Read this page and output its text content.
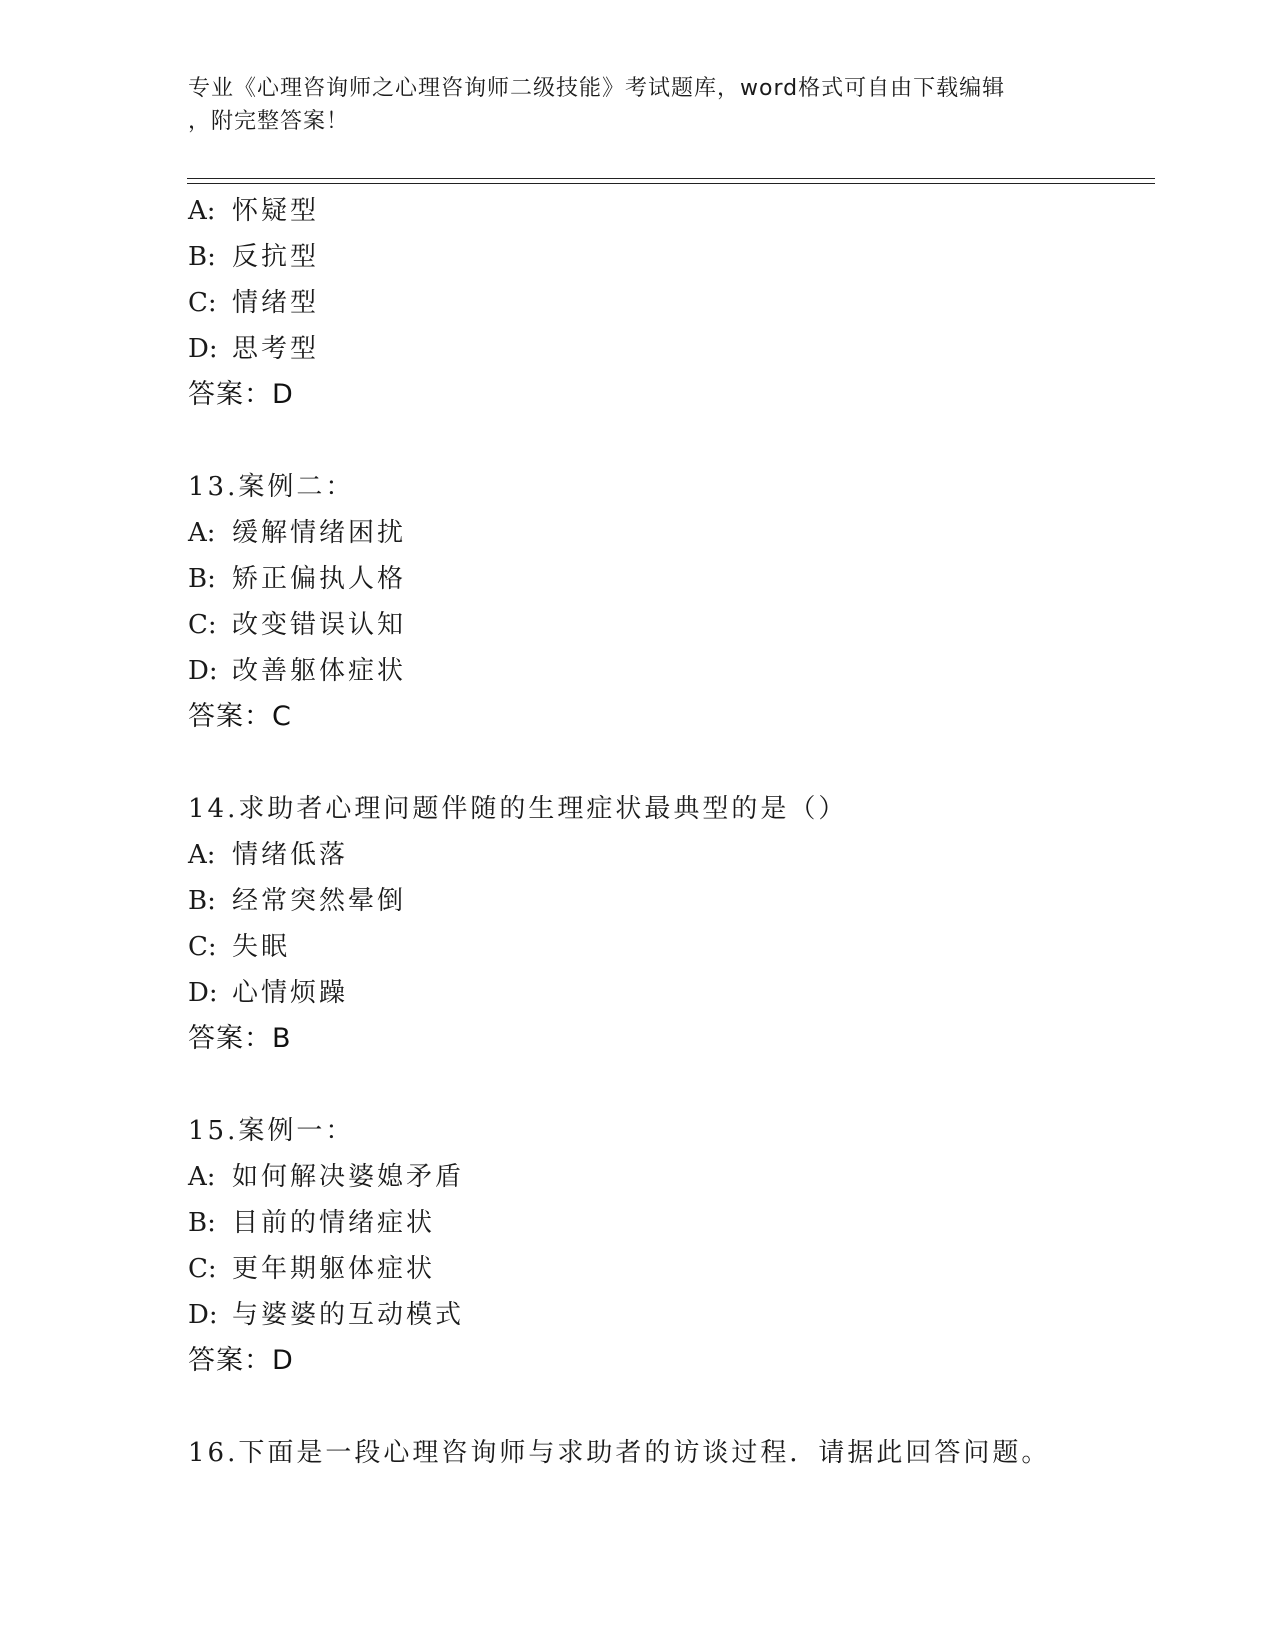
专业《心理咨询师之心理咨询师二级技能》考试题库，word格式可自由下载编辑
，附完整答案！
A: 怀疑型
B: 反抗型
C: 情绪型
D: 思考型
答案：D
13.案例二：
A: 缓解情绪困扰
B: 矫正偏执人格
C: 改变错误认知
D: 改善躯体症状
答案：C
14.求助者心理问题伴随的生理症状最典型的是（）
A: 情绪低落
B: 经常突然晕倒
C: 失眠
D: 心情烦躁
答案：B
15.案例一：
A: 如何解决婆媳矛盾
B: 目前的情绪症状
C: 更年期躯体症状
D: 与婆婆的互动模式
答案：D
16.下面是一段心理咨询师与求助者的访谈过程．请据此回答问题。
